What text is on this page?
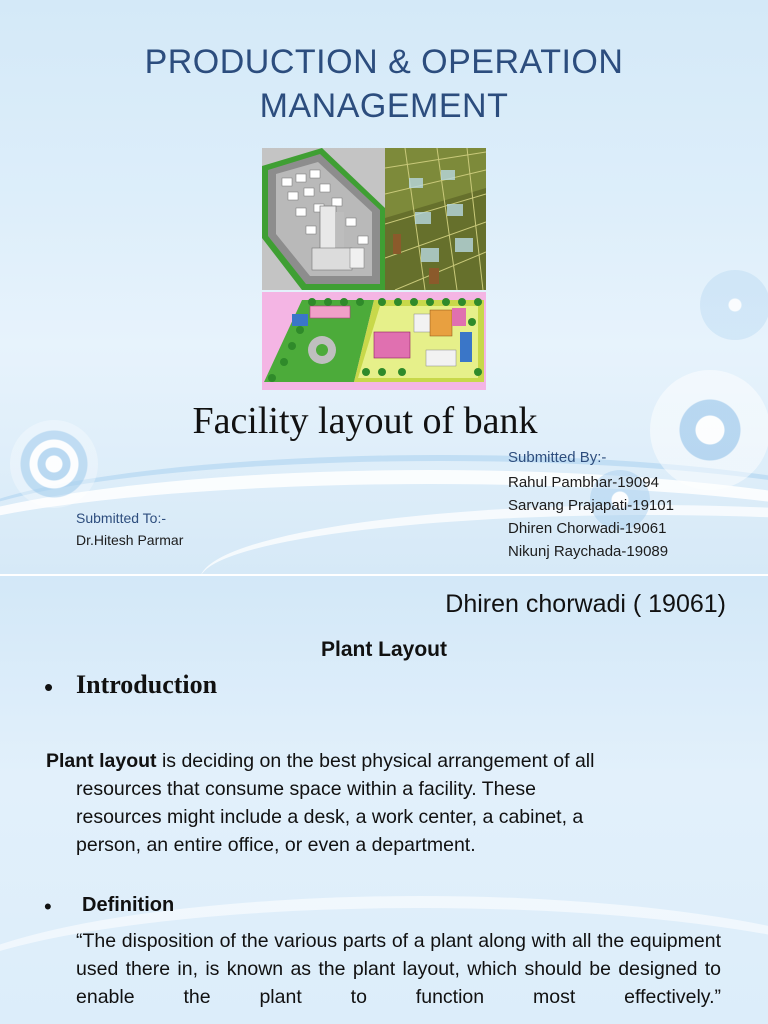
PRODUCTION & OPERATION
MANAGEMENT
Facility layout of bank
Submitted By:-
Rahul Pambhar-19094
Sarvang Prajapati-19101
Dhiren Chorwadi-19061
Nikunj Raychada-19089
Submitted To:-
Dr.Hitesh Parmar
Dhiren chorwadi ( 19061)
Plant Layout
• Introduction
Plant layout is deciding on the best physical arrangement of all
resources that consume space within a facility. These
resources might include a desk, a work center, a cabinet, a
person, an entire office, or even a department.
• Definition
“The disposition of the various parts of a plant along with all the equipment used there in, is known as the plant layout, which should be designed to enable the plant to function	most effectively.”
